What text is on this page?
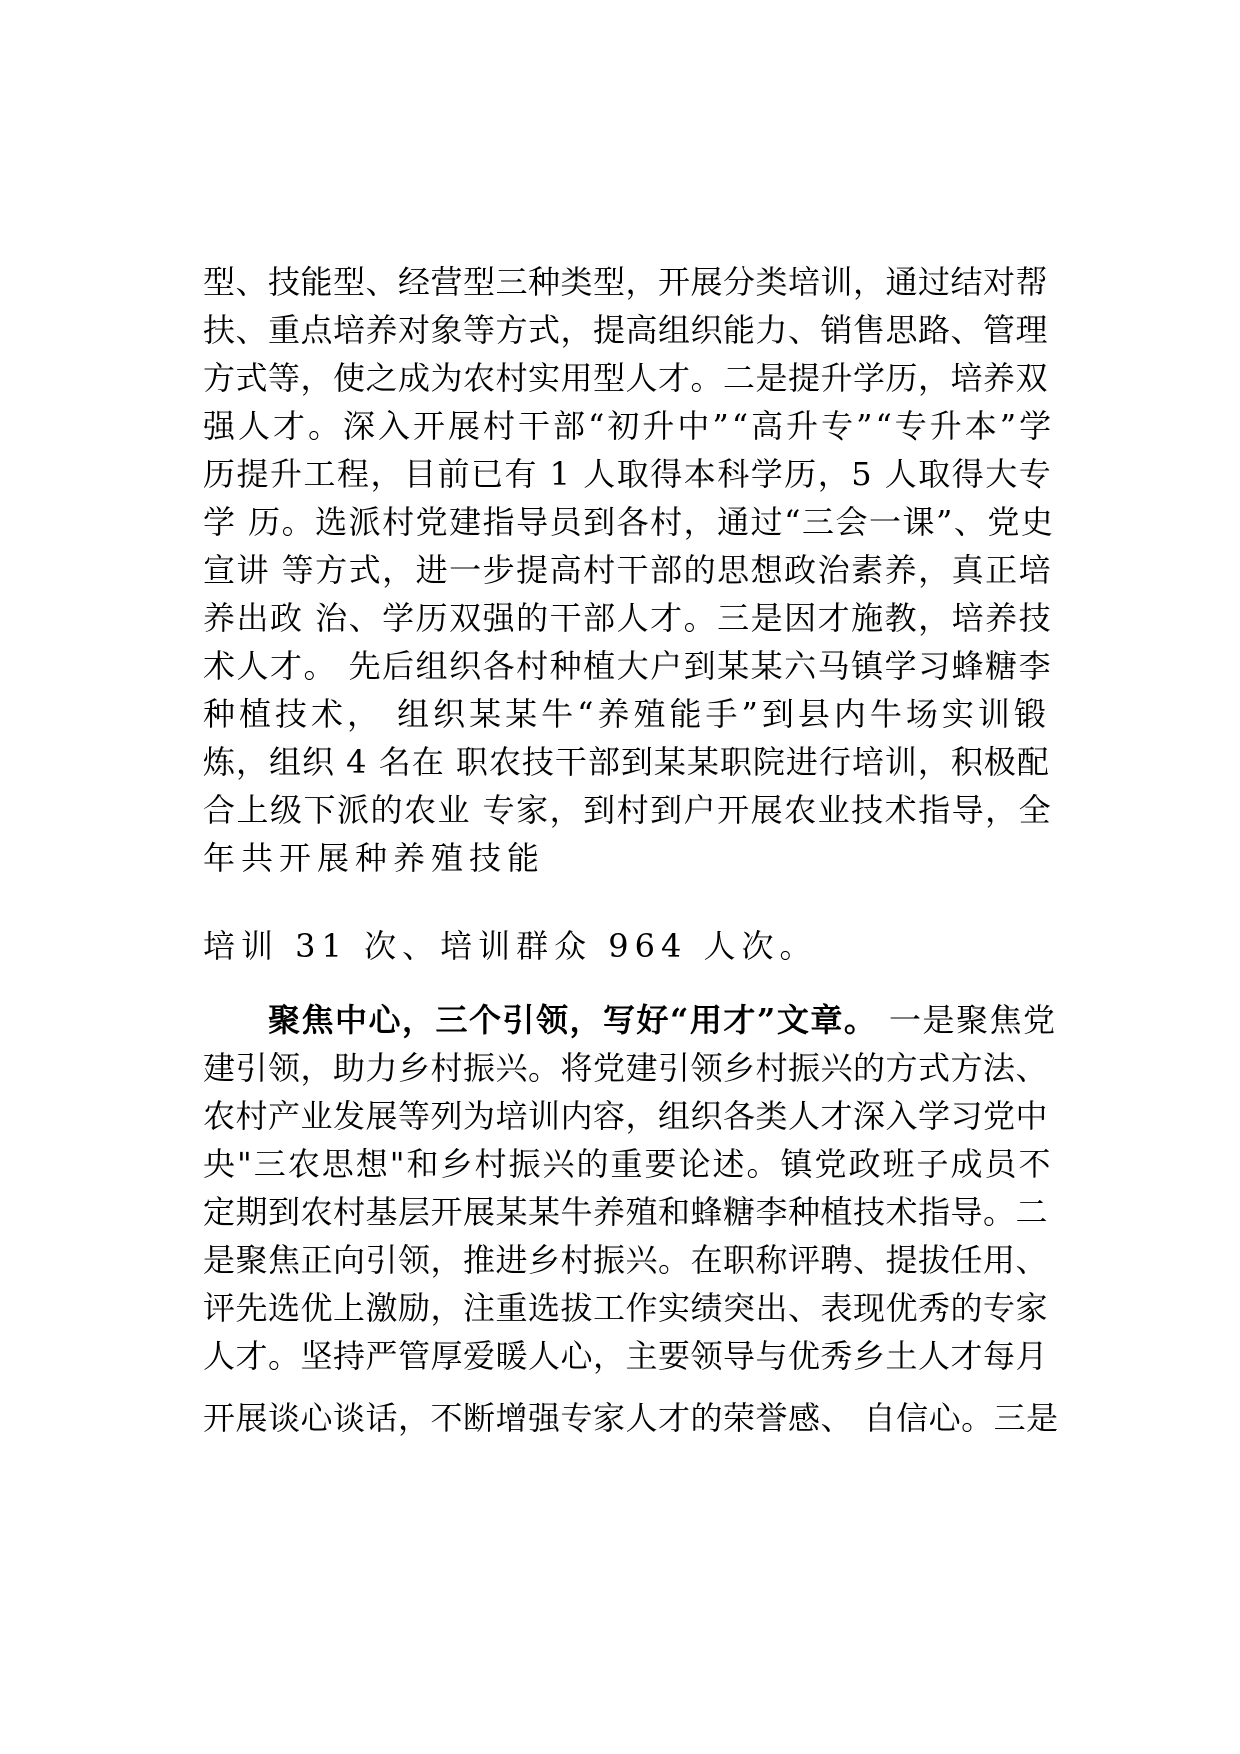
型、技能型、经营型三种类型，开展分类培训，通过结对帮
扶、重点培养对象等方式，提高组织能力、销售思路、管理
方式等，使之成为农村实用型人才。二是提升学历，培养双
强人才。深入开展村干部“初升中”“高升专”“专升本”学
历提升工程，目前已有 1 人取得本科学历，5 人取得大专
学 历。选派村党建指导员到各村，通过“三会一课”、党史
宣讲 等方式，进一步提高村干部的思想政治素养，真正培
养出政 治、学历双强的干部人才。三是因才施教，培养技
术人才。 先后组织各村种植大户到某某六马镇学习蜂糖李
种植技术， 组织某某牛“养殖能手”到县内牛场实训锻
炼，组织 4 名在 职农技干部到某某职院进行培训，积极配
合上级下派的农业 专家，到村到户开展农业技术指导，全
年共开展种养殖技能
培训 31 次、培训群众 964 人次。
聚焦中心，三个引领，写好“用才”文章。 一是聚焦党
建引领，助力乡村振兴。将党建引领乡村振兴的方式方法、
农村产业发展等列为培训内容，组织各类人才深入学习党中
央"三农思想"和乡村振兴的重要论述。镇党政班子成员不
定期到农村基层开展某某牛养殖和蜂糖李种植技术指导。二
是聚焦正向引领，推进乡村振兴。在职称评聘、提拔任用、
评先选优上激励，注重选拔工作实绩突出、表现优秀的专家
人才。坚持严管厚爱暖人心，主要领导与优秀乡土人才每月
开展谈心谈话，不断增强专家人才的荣誉感、 自信心。三是
